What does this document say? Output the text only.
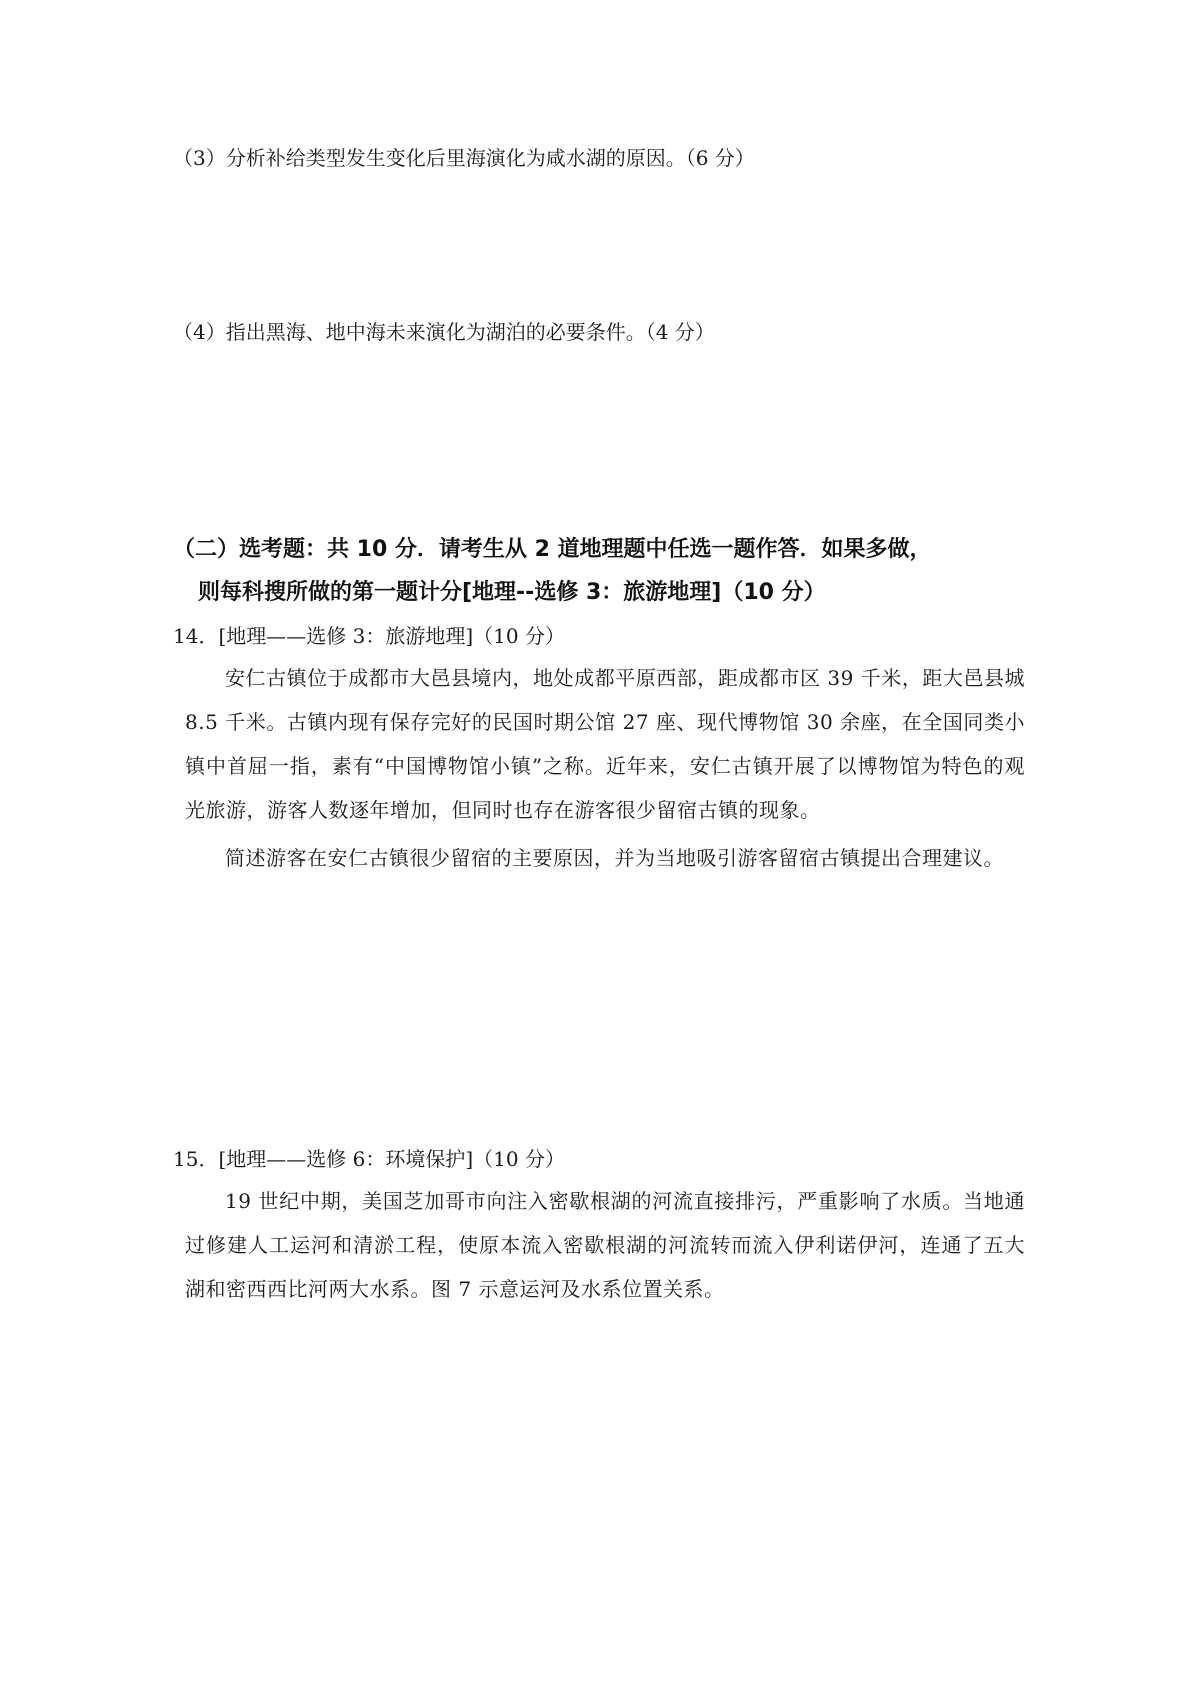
（3）分析补给类型发生变化后里海演化为咸水湖的原因。（6 分）
（4）指出黑海、地中海未来演化为湖泊的必要条件。（4 分）
（二）选考题：共 10 分．请考生从 2 道地理题中任选一题作答．如果多做，
则每科搜所做的第一题计分[地理--选修 3：旅游地理]（10 分）
14．[地理——选修 3：旅游地理]（10 分）
安仁古镇位于成都市大邑县境内，地处成都平原西部，距成都市区 39 千米，距大邑县城 8.5 千米。古镇内现有保存完好的民国时期公馆 27 座、现代博物馆 30 余座，在全国同类小镇中首屈一指，素有“中国博物馆小镇”之称。近年来，安仁古镇开展了以博物馆为特色的观光旅游，游客人数逐年增加，但同时也存在游客很少留宿古镇的现象。
简述游客在安仁古镇很少留宿的主要原因，并为当地吸引游客留宿古镇提出合理建议。
15．[地理——选修 6：环境保护]（10 分）
19 世纪中期，美国芝加哥市向注入密歇根湖的河流直接排污，严重影响了水质。当地通过修建人工运河和清淤工程，使原本流入密歇根湖的河流转而流入伊利诺伊河，连通了五大湖和密西西比河两大水系。图 7 示意运河及水系位置关系。
